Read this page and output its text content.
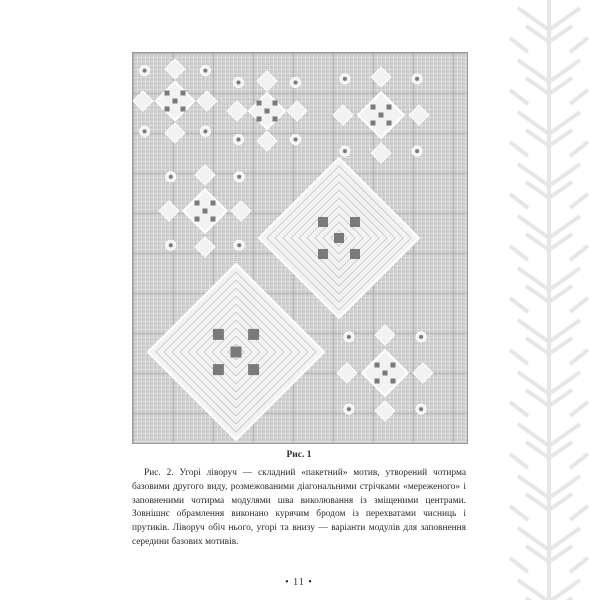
Рис. 1

Рис. 2. Угорі ліворуч — складний «пакетний» мотив, утворений чотирма базовими другого виду, розмежованими діагональними стрічками «мереженого» і заповненими чотирма модулями шва виколювання із зміщеними центрами. Зовнішнє обрамлення виконано курячим бродом із перехватами чисниць і прутиків. Ліворуч обіч нього, угорі та внизу — варіанти модулів для заповнення середини базових мотивів.

• 11 •
